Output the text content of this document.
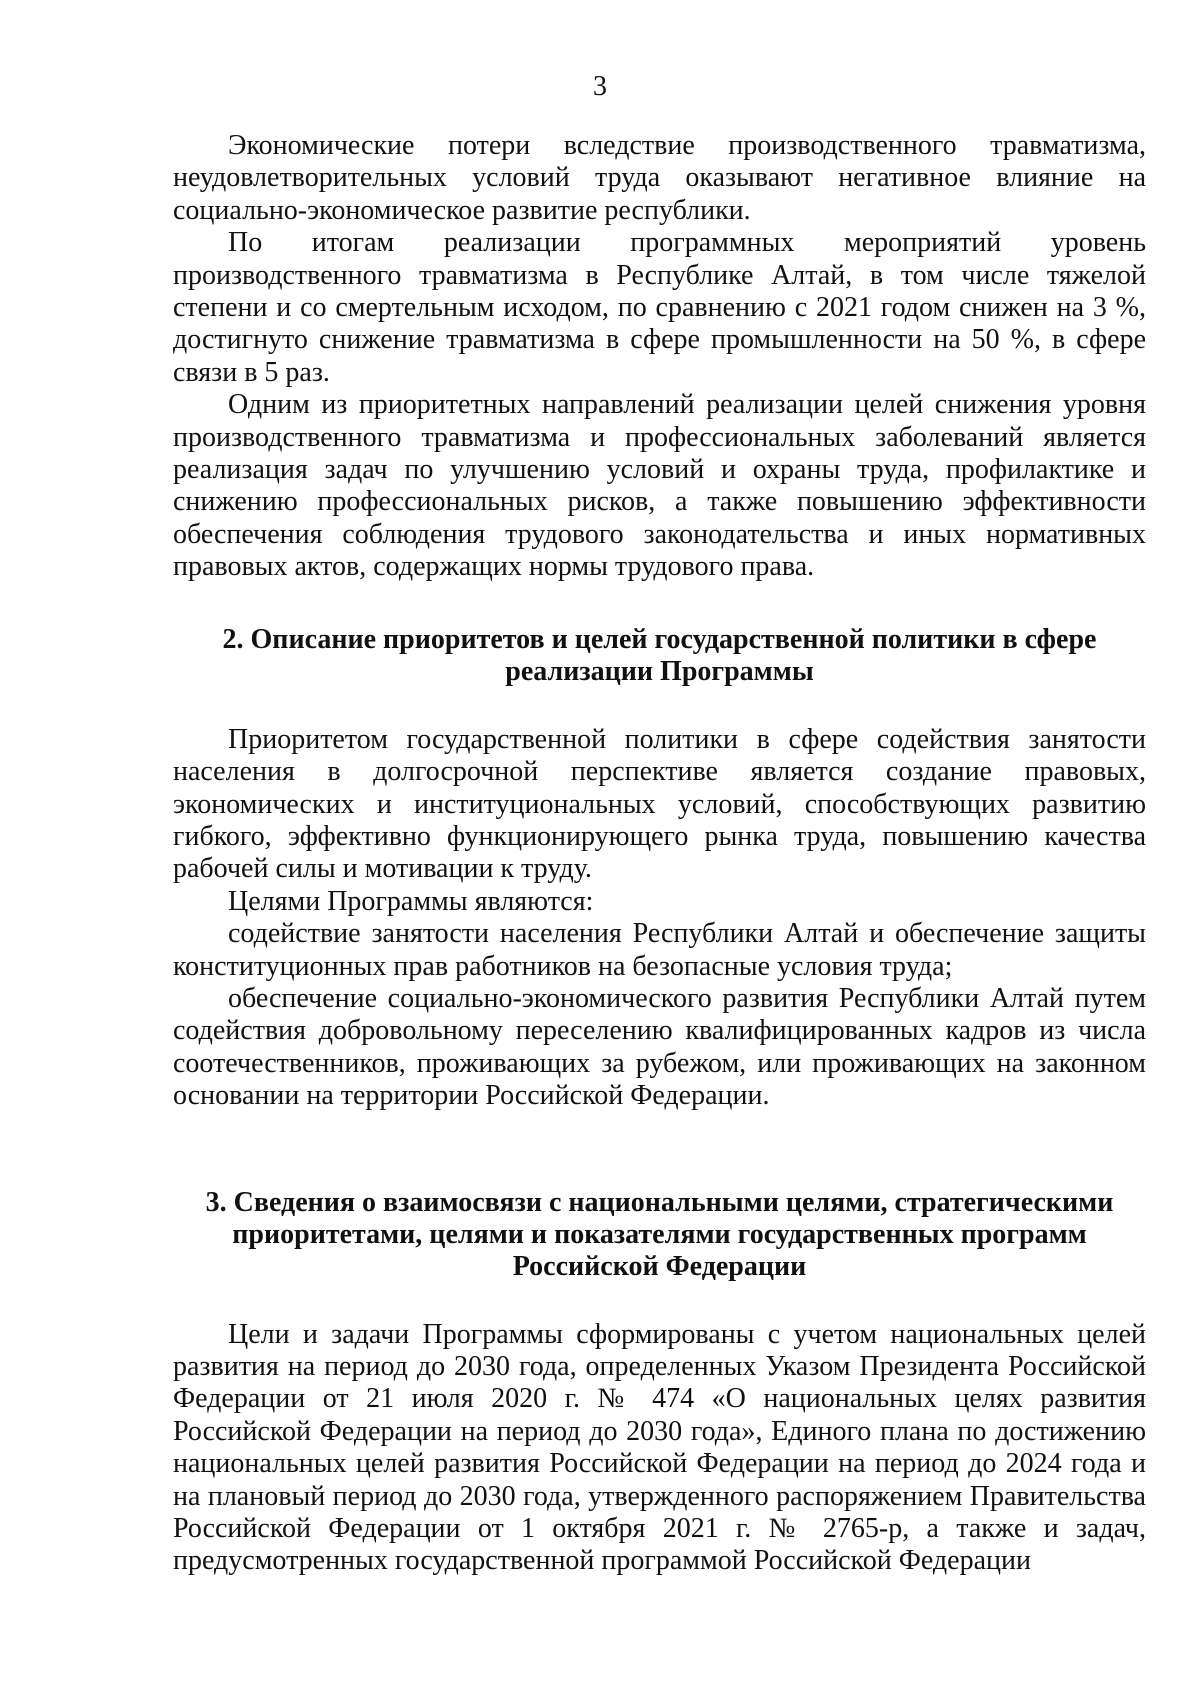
3

Экономические потери вследствие производственного травматизма, неудовлетворительных условий труда оказывают негативное влияние на социально-экономическое развитие республики.

По итогам реализации программных мероприятий уровень производственного травматизма в Республике Алтай, в том числе тяжелой степени и со смертельным исходом, по сравнению с 2021 годом снижен на 3 %, достигнуто снижение травматизма в сфере промышленности на 50 %, в сфере связи в 5 раз.

Одним из приоритетных направлений реализации целей снижения уровня производственного травматизма и профессиональных заболеваний является реализация задач по улучшению условий и охраны труда, профилактике и снижению профессиональных рисков, а также повышению эффективности обеспечения соблюдения трудового законодательства и иных нормативных правовых актов, содержащих нормы трудового права.

2. Описание приоритетов и целей государственной политики в сфере реализации Программы

Приоритетом государственной политики в сфере содействия занятости населения в долгосрочной перспективе является создание правовых, экономических и институциональных условий, способствующих развитию гибкого, эффективно функционирующего рынка труда, повышению качества рабочей силы и мотивации к труду.

Целями Программы являются:

содействие занятости населения Республики Алтай и обеспечение защиты конституционных прав работников на безопасные условия труда;

обеспечение социально-экономического развития Республики Алтай путем содействия добровольному переселению квалифицированных кадров из числа соотечественников, проживающих за рубежом, или проживающих на законном основании на территории Российской Федерации.

3. Сведения о взаимосвязи с национальными целями, стратегическими приоритетами, целями и показателями государственных программ Российской Федерации

Цели и задачи Программы сформированы с учетом национальных целей развития на период до 2030 года, определенных Указом Президента Российской Федерации от 21 июля 2020 г. № 474 «О национальных целях развития Российской Федерации на период до 2030 года», Единого плана по достижению национальных целей развития Российской Федерации на период до 2024 года и на плановый период до 2030 года, утвержденного распоряжением Правительства Российской Федерации от 1 октября 2021 г. № 2765-р, а также и задач, предусмотренных государственной программой Российской Федерации
